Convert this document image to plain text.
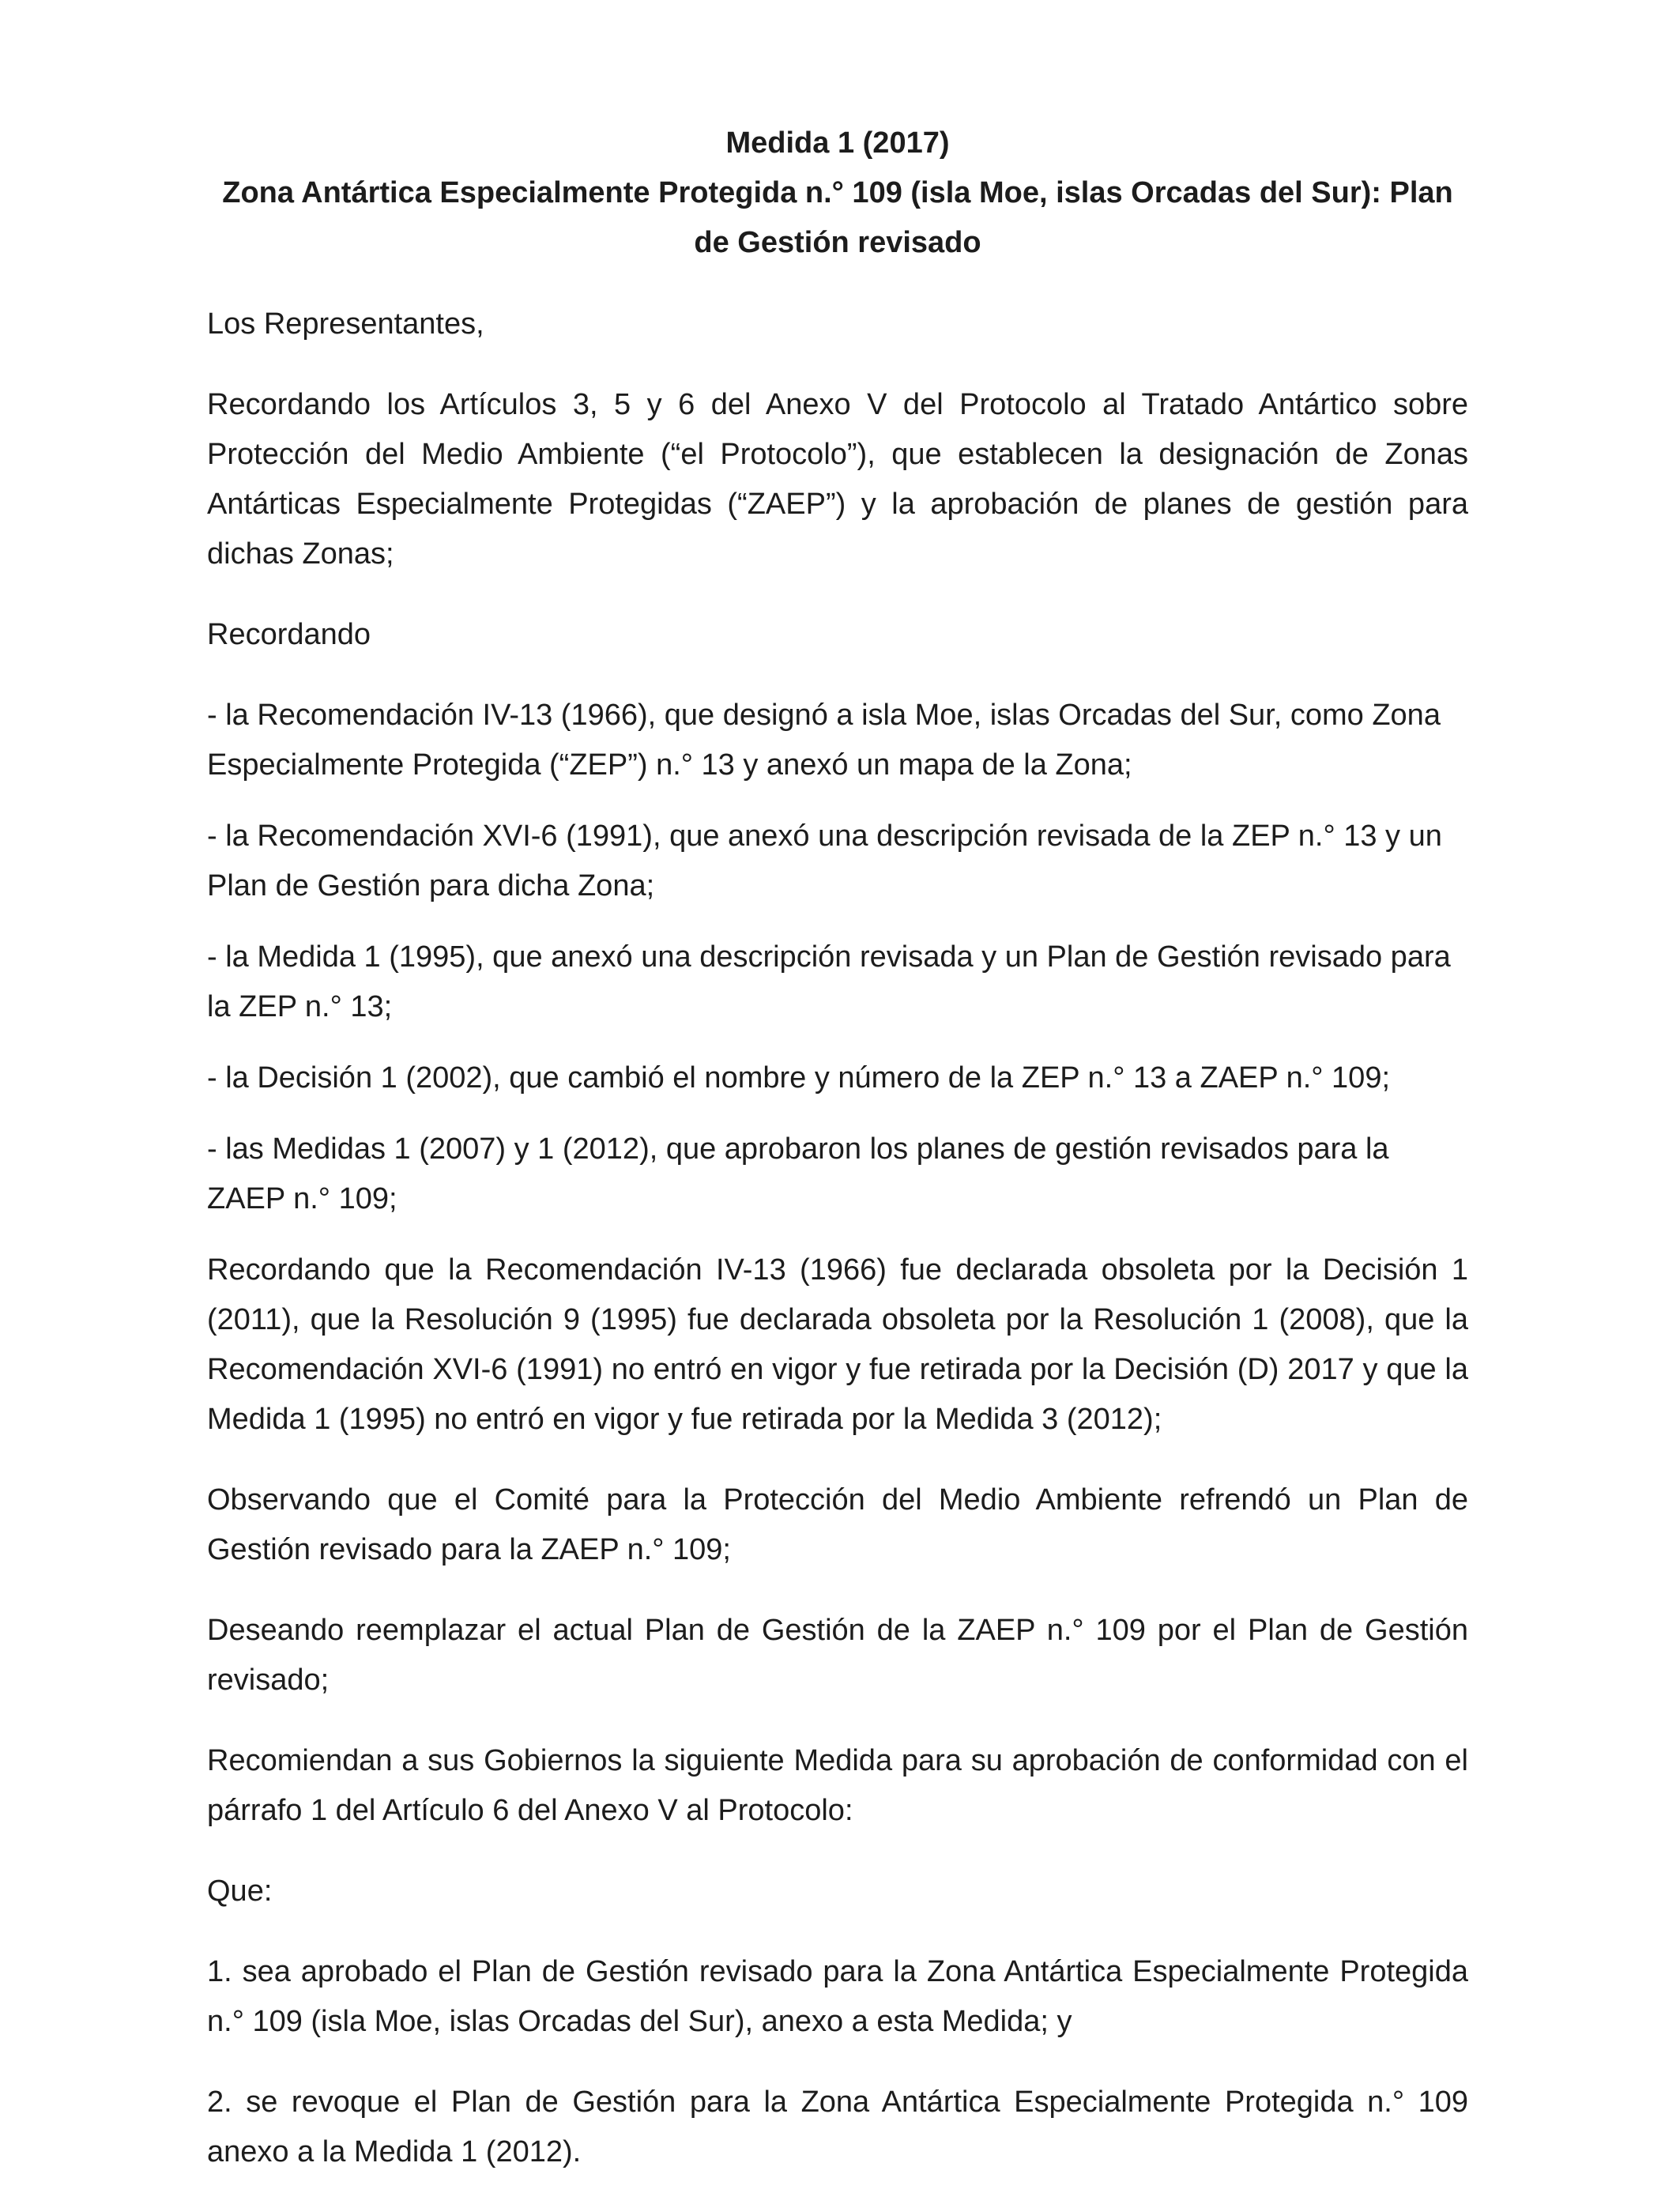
Medida 1 (2017)
Zona Antártica Especialmente Protegida n.° 109 (isla Moe, islas Orcadas del Sur): Plan de Gestión revisado

Los Representantes,

Recordando los Artículos 3, 5 y 6 del Anexo V del Protocolo al Tratado Antártico sobre Protección del Medio Ambiente (“el Protocolo”), que establecen la designación de Zonas Antárticas Especialmente Protegidas (“ZAEP”) y la aprobación de planes de gestión para dichas Zonas;

Recordando

- la Recomendación IV-13 (1966), que designó a isla Moe, islas Orcadas del Sur, como Zona Especialmente Protegida (“ZEP”) n.° 13 y anexó un mapa de la Zona;

- la Recomendación XVI-6 (1991), que anexó una descripción revisada de la ZEP n.° 13 y un Plan de Gestión para dicha Zona;

- la Medida 1 (1995), que anexó una descripción revisada y un Plan de Gestión revisado para la ZEP n.° 13;

- la Decisión 1 (2002), que cambió el nombre y número de la ZEP n.° 13 a ZAEP n.° 109;

- las Medidas 1 (2007) y 1 (2012), que aprobaron los planes de gestión revisados para la ZAEP n.° 109;

Recordando que la Recomendación IV-13 (1966) fue declarada obsoleta por la Decisión 1 (2011), que la Resolución 9 (1995) fue declarada obsoleta por la Resolución 1 (2008), que la Recomendación XVI-6 (1991) no entró en vigor y fue retirada por la Decisión (D) 2017 y que la Medida 1 (1995) no entró en vigor y fue retirada por la Medida 3 (2012);

Observando que el Comité para la Protección del Medio Ambiente refrendó un Plan de Gestión revisado para la ZAEP n.° 109;

Deseando reemplazar el actual Plan de Gestión de la ZAEP n.° 109 por el Plan de Gestión revisado;

Recomiendan a sus Gobiernos la siguiente Medida para su aprobación de conformidad con el párrafo 1 del Artículo 6 del Anexo V al Protocolo:

Que:

1. sea aprobado el Plan de Gestión revisado para la Zona Antártica Especialmente Protegida n.° 109 (isla Moe, islas Orcadas del Sur), anexo a esta Medida; y

2. se revoque el Plan de Gestión para la Zona Antártica Especialmente Protegida n.° 109 anexo a la Medida 1 (2012).
